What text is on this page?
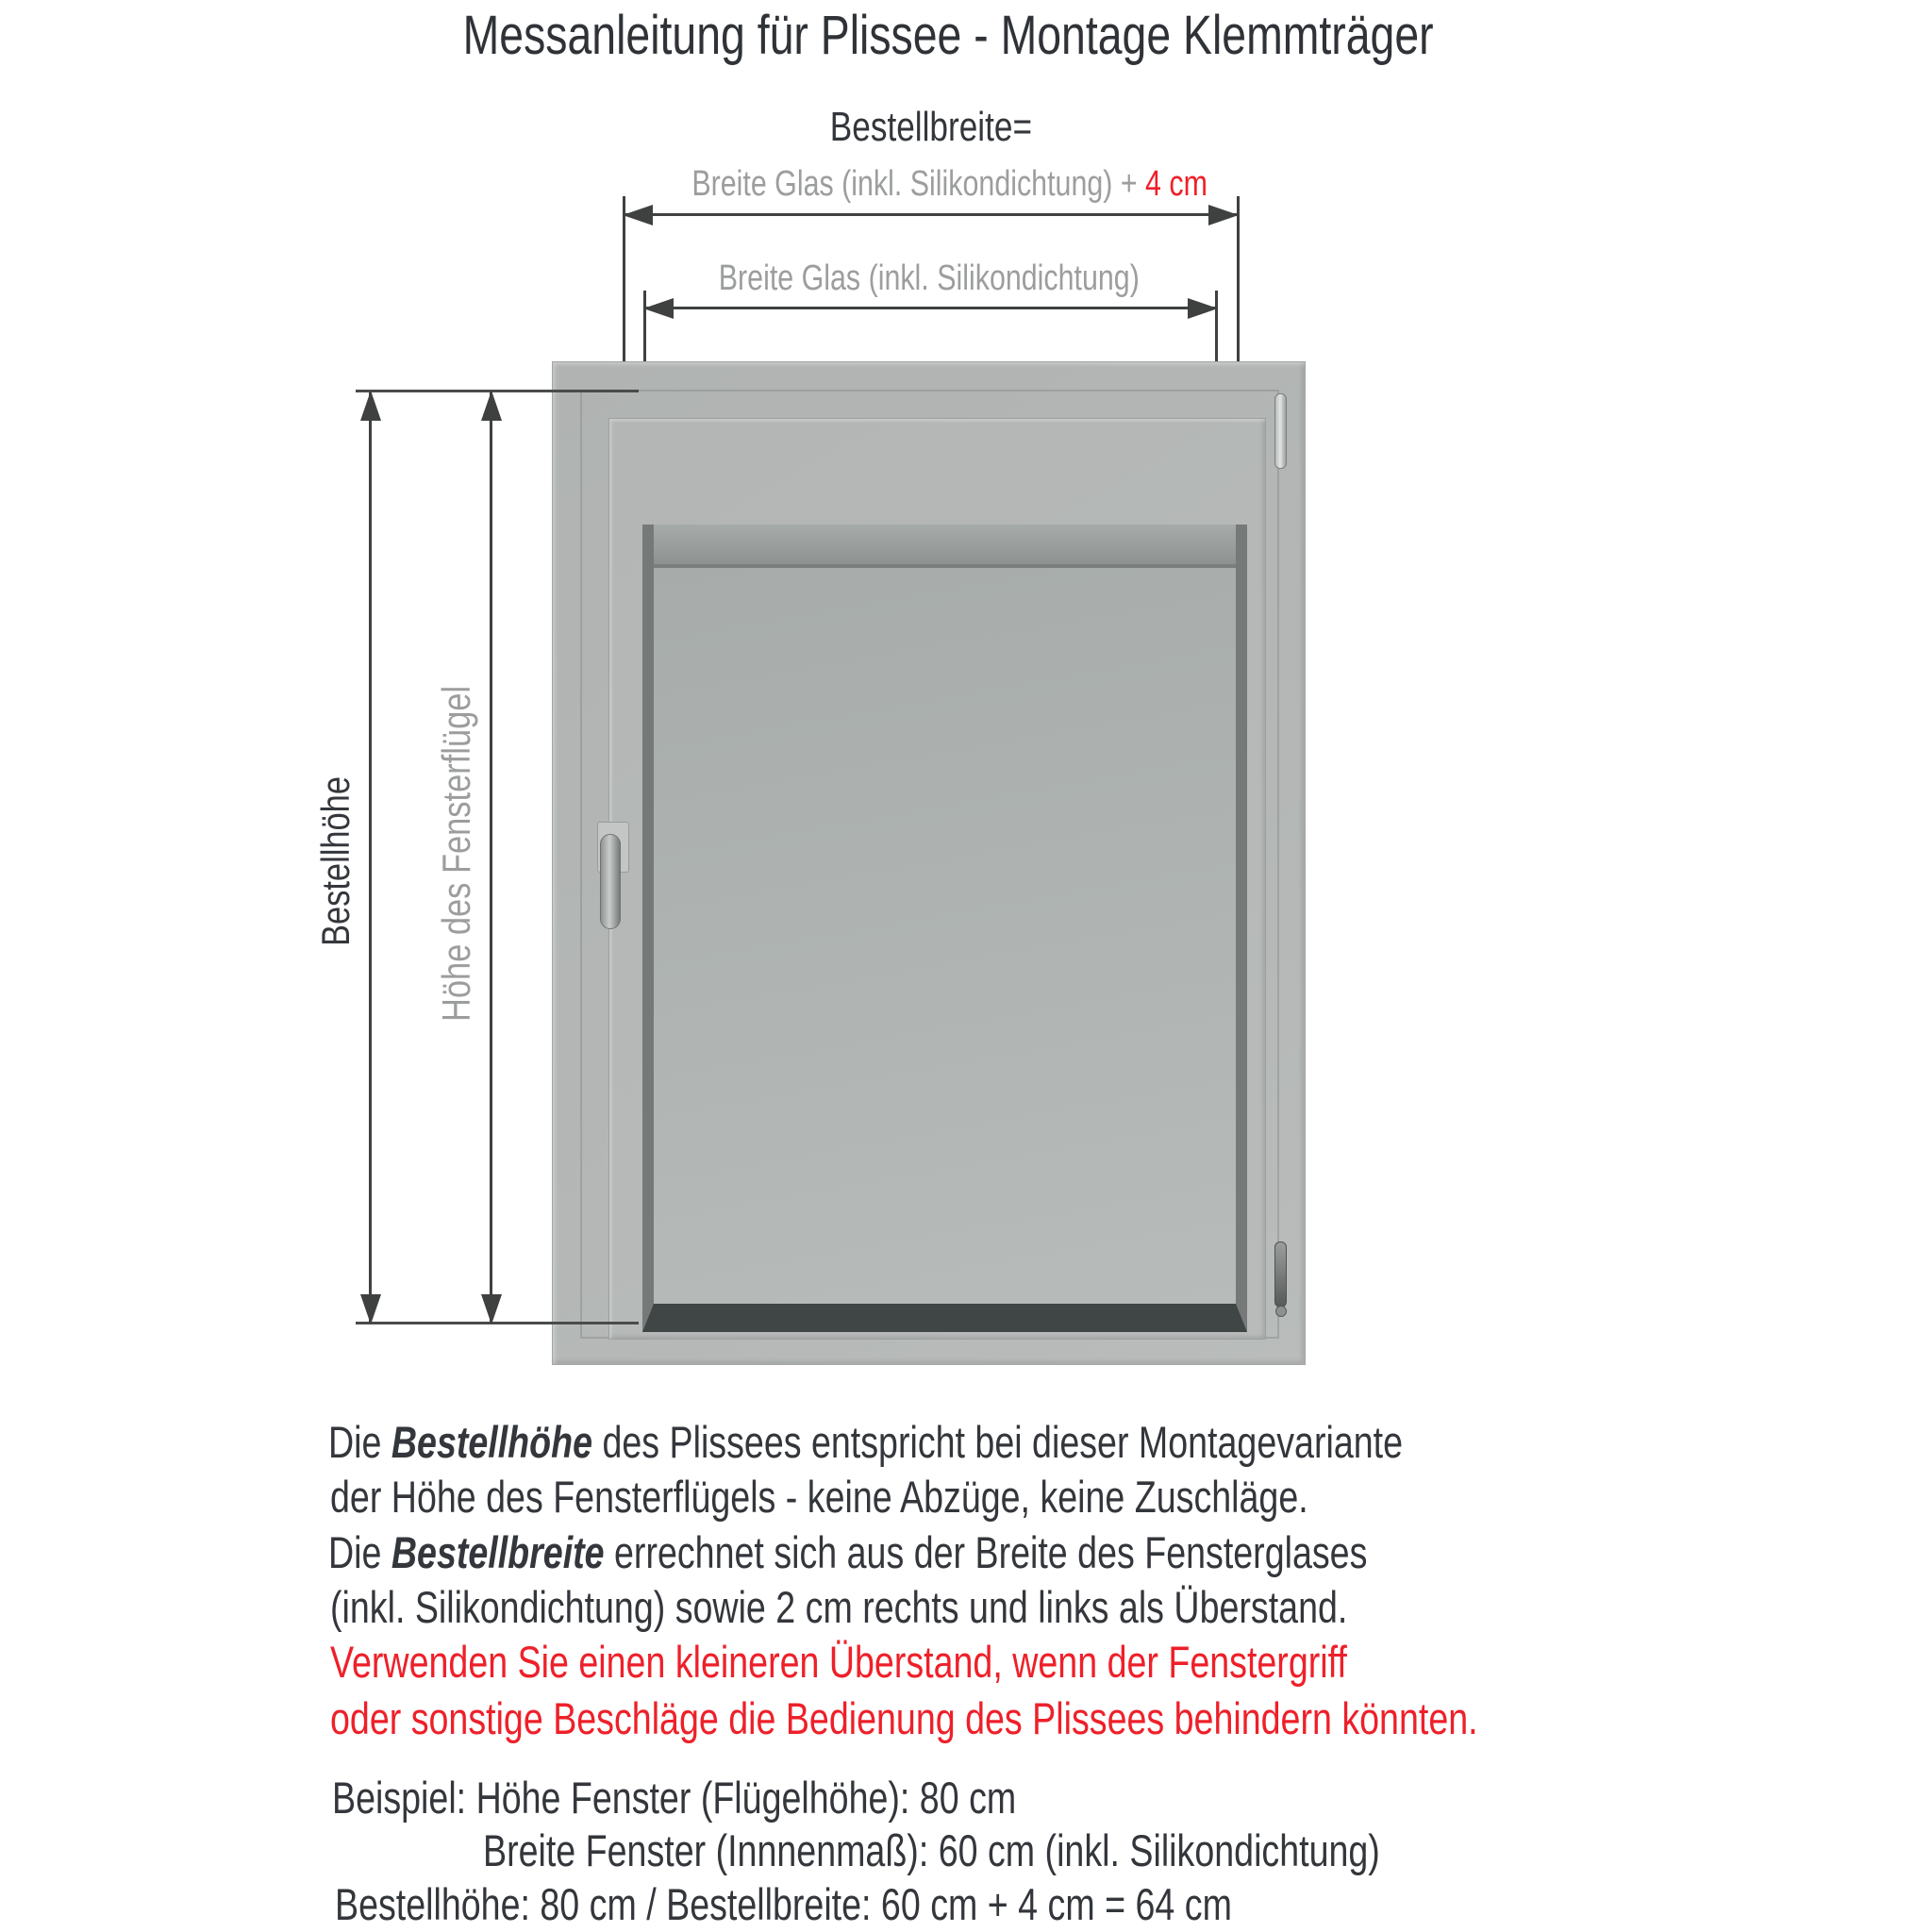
Messanleitung für Plissee - Montage Klemmträger
Bestellbreite=
Breite Glas (inkl. Silikondichtung) + 4 cm
Breite Glas (inkl. Silikondichtung)
Bestellhöhe Höhe des Fensterflügel
Die Bestellhöhe des Plissees entspricht bei dieser Montagevariante
der Höhe des Fensterflügels - keine Abzüge, keine Zuschläge.
Die Bestellbreite errechnet sich aus der Breite des Fensterglases
(inkl. Silikondichtung) sowie 2 cm rechts und links als Überstand.
Verwenden Sie einen kleineren Überstand, wenn der Fenstergriff
oder sonstige Beschläge die Bedienung des Plissees behindern könnten.
Beispiel: Höhe Fenster (Flügelhöhe): 80 cm
Breite Fenster (Innnenmaß): 60 cm (inkl. Silikondichtung)
Bestellhöhe: 80 cm / Bestellbreite: 60 cm + 4 cm = 64 cm
